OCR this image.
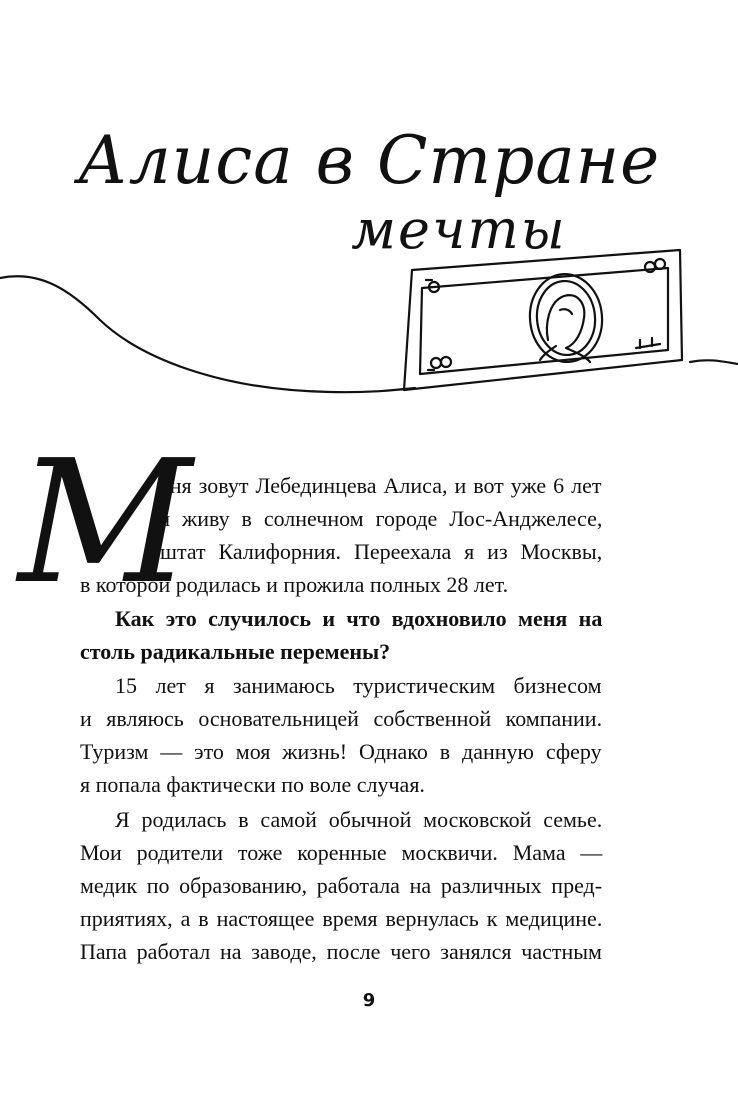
Алиса в Стране
мечты
М
еня зовут Лебединцева Алиса, и вот уже 6 лет
я живу в солнечном городе Лос-Анджелесе,
штат Калифорния. Переехала я из Москвы,
в которой родилась и прожила полных 28 лет.
Как это случилось и что вдохновило меня на
столь радикальные перемены?
15 лет я занимаюсь туристическим бизнесом
и являюсь основательницей собственной компании.
Туризм — это моя жизнь! Однако в данную сферу
я попала фактически по воле случая.
Я родилась в самой обычной московской семье.
Мои родители тоже коренные москвичи. Мама —
медик по образованию, работала на различных пред-
приятиях, а в настоящее время вернулась к медицине.
Папа работал на заводе, после чего занялся частным
9
